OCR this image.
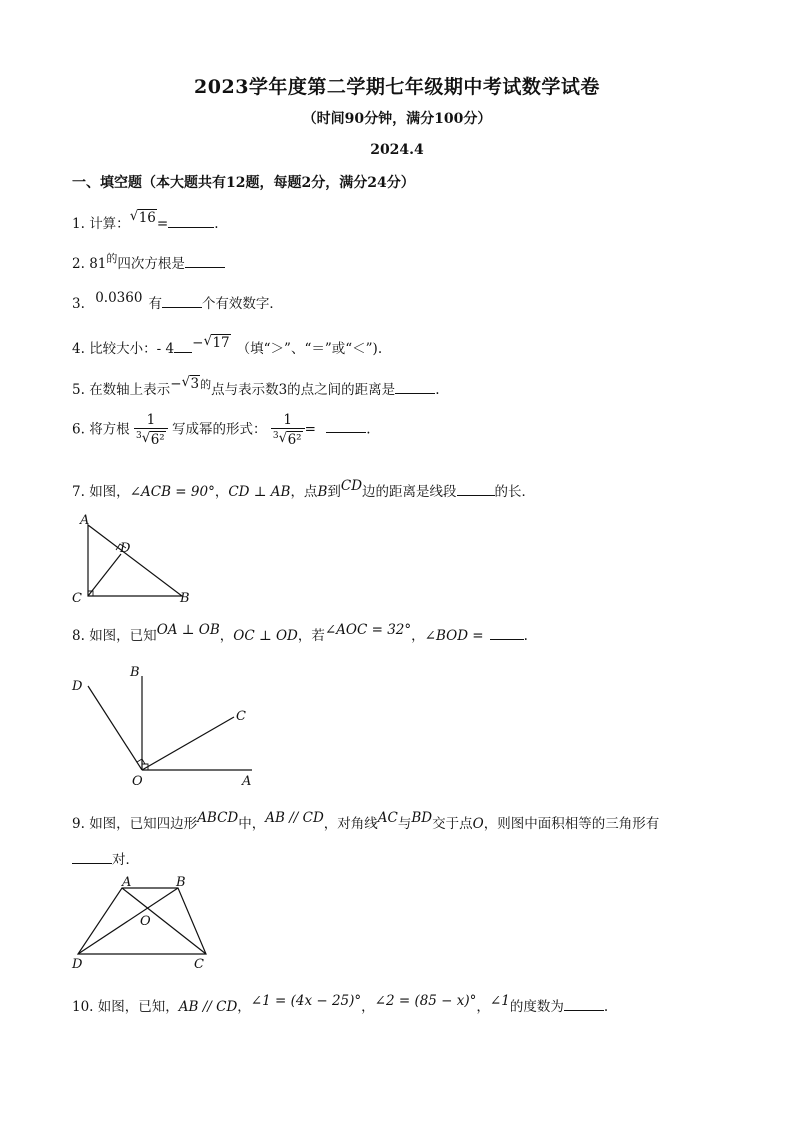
2023学年度第二学期七年级期中考试数学试卷
（时间90分钟，满分100分）
2024.4
一、填空题（本大题共有12题，每题2分，满分24分）
1. 计算： √ 16=	.
2. $81^的$四次方根是
3. 0.0360 有	个有效数字．
4. 比较大小：- 4 − √ 17 （填“＞”、“＝”或“＜”).
5. 在数轴上表示− √ $3^的$点与表示数3的点之间的距离是	.
6. 将方根 $\frac{1}{^3 √ 6^2}$ 写成幂的形式： $\frac{1}{^3 √ 6^2}$ =	.
7. 如图，∠ACB = 90°，CD ⊥ AB，点B到CD边的距离是线段	的长．
A
D
C	B
8. 如图，已知OA ⊥ OB，OC ⊥ OD，若∠AOC = 32°，∠BOD =	.
D
B
C
O	A
9. 如图，已知四边形ABCD中，AB // CD，对角线AC与BD交于点O，则图中面积相等的三角形有
对．
A	B
O
D	C
10. 如图，已知，AB // CD，∠1 = (4x − 25)°，∠2 = (85 − x)°，∠1的度数为	.
